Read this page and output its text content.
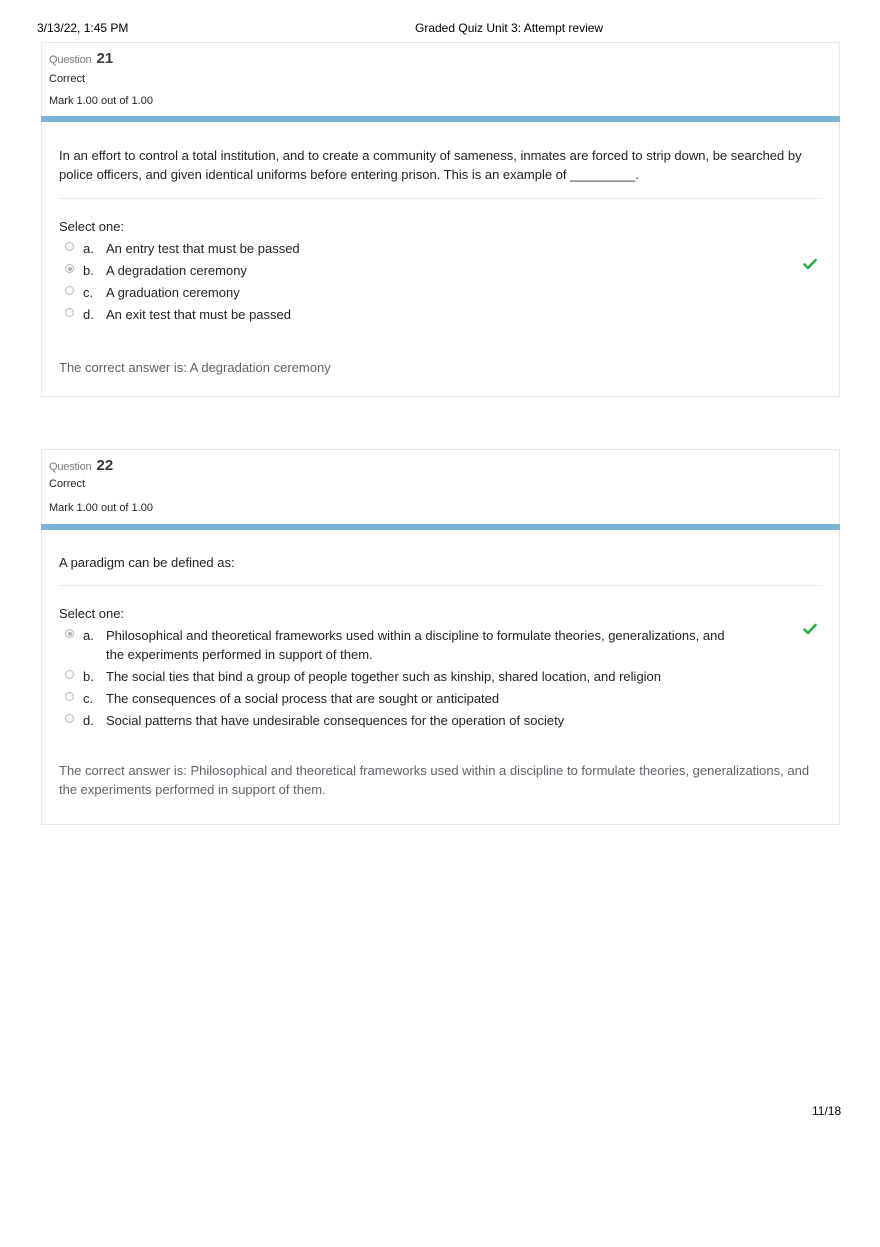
3/13/22, 1:45 PM	Graded Quiz Unit 3: Attempt review
Question 21
Correct
Mark 1.00 out of 1.00
In an effort to control a total institution, and to create a community of sameness, inmates are forced to strip down, be searched by police officers, and given identical uniforms before entering prison. This is an example of _________.
Select one:
a. An entry test that must be passed
b. A degradation ceremony
c. A graduation ceremony
d. An exit test that must be passed
The correct answer is: A degradation ceremony
Question 22
Correct
Mark 1.00 out of 1.00
A paradigm can be defined as:
Select one:
a. Philosophical and theoretical frameworks used within a discipline to formulate theories, generalizations, and the experiments performed in support of them.
b. The social ties that bind a group of people together such as kinship, shared location, and religion
c. The consequences of a social process that are sought or anticipated
d. Social patterns that have undesirable consequences for the operation of society
The correct answer is: Philosophical and theoretical frameworks used within a discipline to formulate theories, generalizations, and the experiments performed in support of them.
11/18
